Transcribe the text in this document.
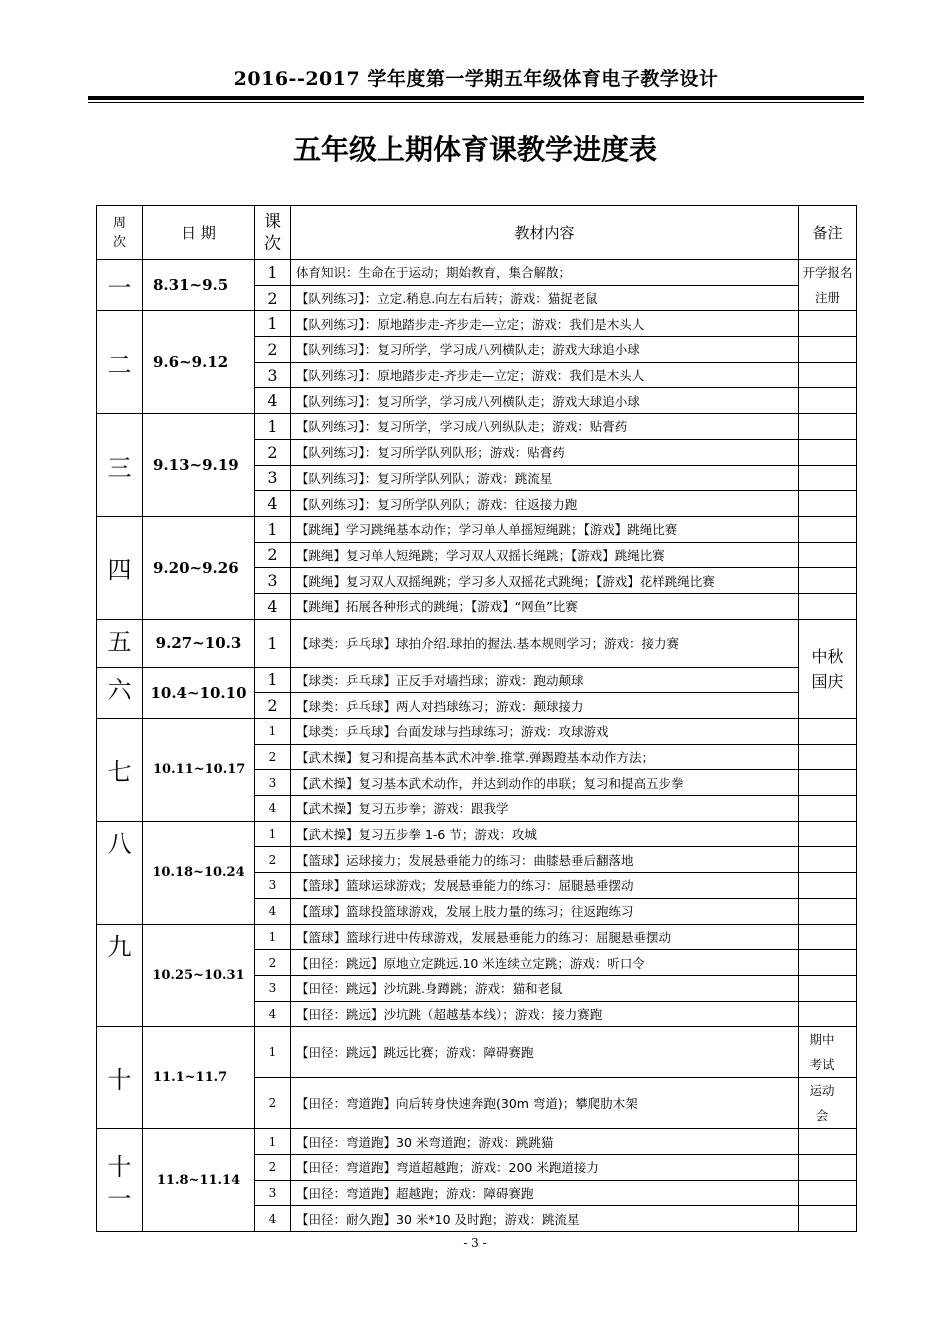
2016--2017 学年度第一学期五年级体育电子教学设计
五年级上期体育课教学进度表
周次	日 期	课次	教材内容	备注

一	8.31~9.5	1	体育知识：生命在于运动；期始教育，集合解散；	开学报名注册

		2	【队列练习】：立定.稍息.向左右后转；游戏：猫捉老鼠	

二	9.6~9.12	1	【队列练习】：原地踏步走-齐步走—立定；游戏：我们是木头人	
		2	【队列练习】：复习所学，学习成八列横队走；游戏大球追小球	
		3	【队列练习】：原地踏步走-齐步走—立定；游戏：我们是木头人	
		4	【队列练习】：复习所学，学习成八列横队走；游戏大球追小球	

三	9.13~9.19	1	【队列练习】：复习所学，学习成八列纵队走；游戏：贴膏药	
		2	【队列练习】：复习所学队列队形；游戏：贴膏药	
		3	【队列练习】：复习所学队列队；游戏：跳流星	
		4	【队列练习】：复习所学队列队；游戏：往返接力跑	

四	9.20~9.26	1	【跳绳】学习跳绳基本动作；学习单人单摇短绳跳；【游戏】跳绳比赛	
		2	【跳绳】复习单人短绳跳；学习双人双摇长绳跳；【游戏】跳绳比赛	
		3	【跳绳】复习双人双摇绳跳；学习多人双摇花式跳绳；【游戏】花样跳绳比赛	
		4	【跳绳】拓展各种形式的跳绳；【游戏】“网鱼”比赛	

五	9.27~10.3	1	【球类：乒乓球】球拍介绍.球拍的握法.基本规则学习；游戏：接力赛	中秋国庆

六	10.4~10.10	1	【球类：乒乓球】正反手对墙挡球；游戏：跑动颠球	
		2	【球类：乒乓球】两人对挡球练习；游戏：颠球接力	

七	10.11~10.17	1	【球类：乒乓球】台面发球与挡球练习；游戏：攻球游戏	
		2	【武术操】复习和提高基本武术冲拳.推掌.弹踢蹬基本动作方法；	
		3	【武术操】复习基本武术动作，并达到动作的串联；复习和提高五步拳	
		4	【武术操】复习五步拳；游戏：跟我学	

八	10.18~10.24	1	【武术操】复习五步拳 1-6 节；游戏：攻城	
		2	【篮球】运球接力；发展悬垂能力的练习：曲膝悬垂后翻落地	
		3	【篮球】篮球运球游戏；发展悬垂能力的练习：屈腿悬垂摆动	
		4	【篮球】篮球投篮球游戏，发展上肢力量的练习；往返跑练习	

九	10.25~10.31	1	【篮球】篮球行进中传球游戏，发展悬垂能力的练习：屈腿悬垂摆动	
		2	【田径：跳远】原地立定跳远.10 米连续立定跳；游戏：听口令	
		3	【田径：跳远】沙坑跳.身蹲跳；游戏：猫和老鼠	
		4	【田径：跳远】沙坑跳（超越基本线）；游戏：接力赛跑	

十	11.1~11.7	1	【田径：跳远】跳远比赛；游戏：障碍赛跑	期中考试

		2	【田径：弯道跑】向后转身快速奔跑(30m 弯道)；攀爬肋木架	运动会

十一	11.8~11.14	1	【田径：弯道跑】30 米弯道跑；游戏：跳跳猫	
		2	【田径：弯道跑】弯道超越跑；游戏：200 米跑道接力	
		3	【田径：弯道跑】超越跑；游戏：障碍赛跑	
		4	【田径：耐久跑】30 米*10 及时跑；游戏：跳流星	
- 3 -
